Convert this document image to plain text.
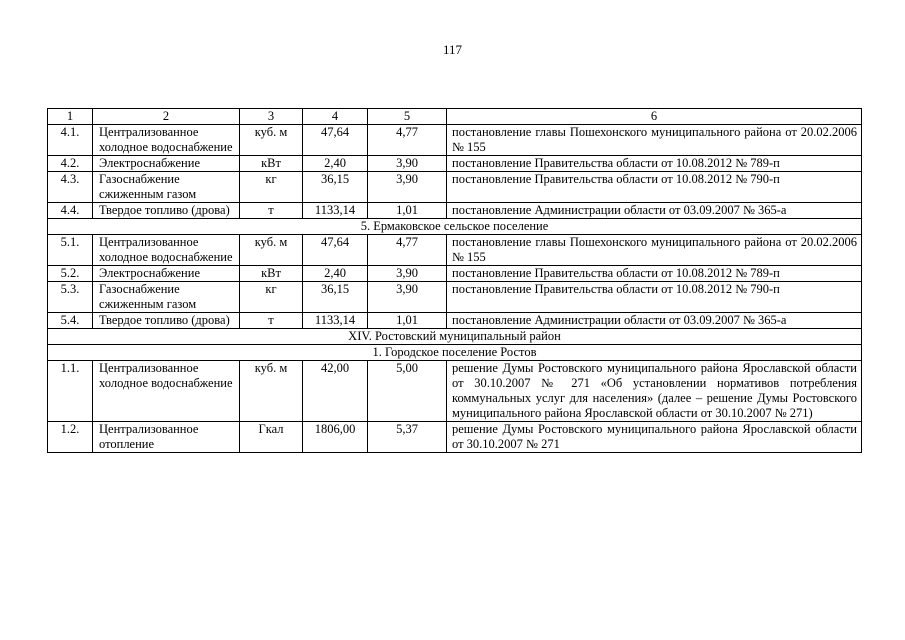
117
1	2	3	4	5	6
4.1.	Централизованное холодное водоснабжение	куб. м	47,64	4,77	постановление главы Пошехонского муниципального района от 20.02.2006 № 155
4.2.	Электроснабжение	кВт	2,40	3,90	постановление Правительства области от 10.08.2012 № 789-п
4.3.	Газоснабжение сжиженным газом	кг	36,15	3,90	постановление Правительства области от 10.08.2012 № 790-п
4.4.	Твердое топливо (дрова)	т	1133,14	1,01	постановление Администрации области от 03.09.2007 № 365-а
5. Ермаковское сельское поселение					
5.1.	Централизованное холодное водоснабжение	куб. м	47,64	4,77	постановление главы Пошехонского муниципального района от 20.02.2006 № 155
5.2.	Электроснабжение	кВт	2,40	3,90	постановление Правительства области от 10.08.2012 № 789-п
5.3.	Газоснабжение сжиженным газом	кг	36,15	3,90	постановление Правительства области от 10.08.2012 № 790-п
5.4.	Твердое топливо (дрова)	т	1133,14	1,01	постановление Администрации области от 03.09.2007 № 365-а
XIV. Ростовский муниципальный район					
1. Городское поселение Ростов					
1.1.	Централизованное холодное водоснабжение	куб. м	42,00	5,00	решение Думы Ростовского муниципального района Ярославской области от 30.10.2007 № 271 «Об установлении нормативов потребления коммунальных услуг для населения» (далее – решение Думы Ростовского муниципального района Ярославской области от 30.10.2007 № 271)
1.2.	Централизованное отопление	Гкал	1806,00	5,37	решение Думы Ростовского муниципального района Ярославской области от 30.10.2007 № 271
